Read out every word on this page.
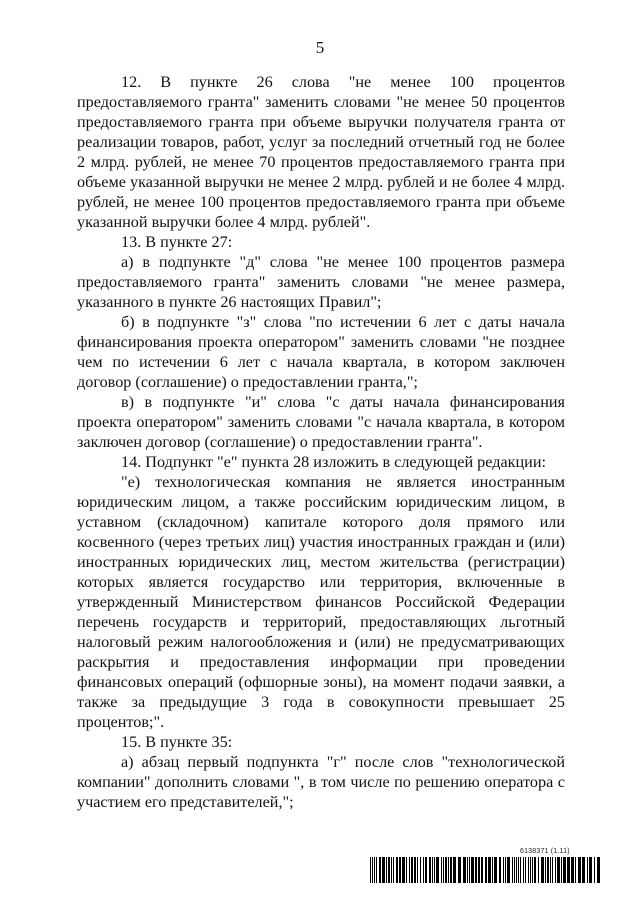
5

12. В пункте 26 слова "не менее 100 процентов предоставляемого гранта" заменить словами "не менее 50 процентов предоставляемого гранта при объеме выручки получателя гранта от реализации товаров, работ, услуг за последний отчетный год не более 2 млрд. рублей, не менее 70 процентов предоставляемого гранта при объеме указанной выручки не менее 2 млрд. рублей и не более 4 млрд. рублей, не менее 100 процентов предоставляемого гранта при объеме указанной выручки более 4 млрд. рублей".

13. В пункте 27:

а) в подпункте "д" слова "не менее 100 процентов размера предоставляемого гранта" заменить словами "не менее размера, указанного в пункте 26 настоящих Правил";

б) в подпункте "з" слова "по истечении 6 лет с даты начала финансирования проекта оператором" заменить словами "не позднее чем по истечении 6 лет с начала квартала, в котором заключен договор (соглашение) о предоставлении гранта,";

в) в подпункте "и" слова "с даты начала финансирования проекта оператором" заменить словами "с начала квартала, в котором заключен договор (соглашение) о предоставлении гранта".

14. Подпункт "е" пункта 28 изложить в следующей редакции:

"е) технологическая компания не является иностранным юридическим лицом, а также российским юридическим лицом, в уставном (складочном) капитале которого доля прямого или косвенного (через третьих лиц) участия иностранных граждан и (или) иностранных юридических лиц, местом жительства (регистрации) которых является государство или территория, включенные в утвержденный Министерством финансов Российской Федерации перечень государств и территорий, предоставляющих льготный налоговый режим налогообложения и (или) не предусматривающих раскрытия и предоставления информации при проведении финансовых операций (офшорные зоны), на момент подачи заявки, а также за предыдущие 3 года в совокупности превышает 25 процентов;".

15. В пункте 35:

а) абзац первый подпункта "г" после слов "технологической компании" дополнить словами ", в том числе по решению оператора с участием его представителей,";

6138371 (1.11)
